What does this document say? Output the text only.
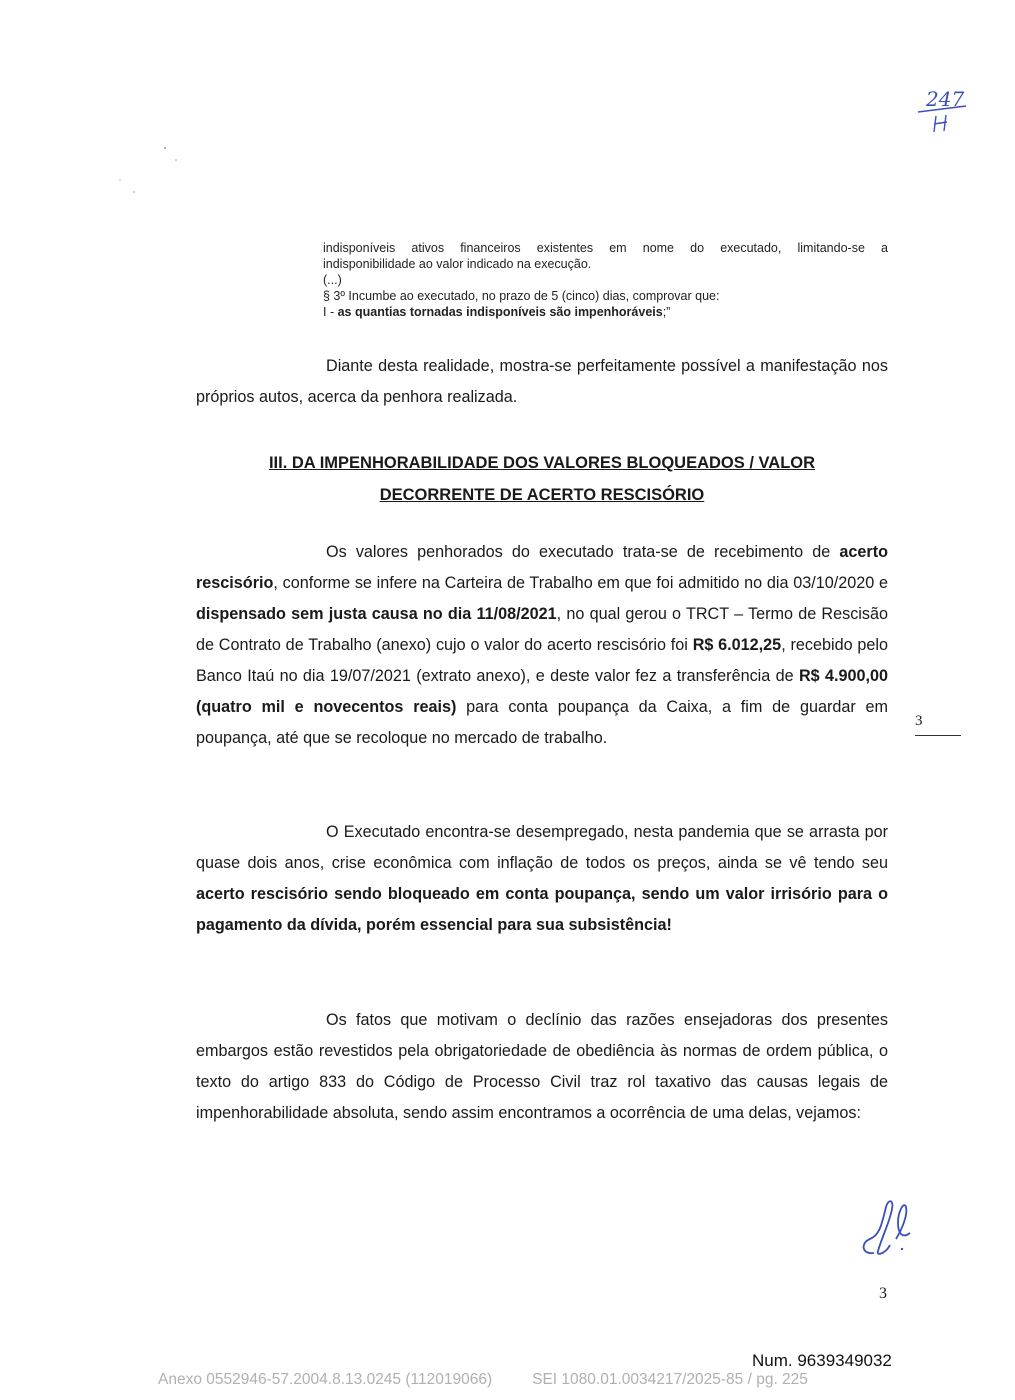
247

indisponíveis ativos financeiros existentes em nome do executado, limitando-se a

indisponibilidade ao valor indicado na execução.

(...)

§ 3º Incumbe ao executado, no prazo de 5 (cinco) dias, comprovar que:

I - as quantias tornadas indisponíveis são impenhoráveis;”

Diante desta realidade, mostra-se perfeitamente possível a manifestação nos próprios autos, acerca da penhora realizada.

III. DA IMPENHORABILIDADE DOS VALORES BLOQUEADOS / VALOR
DECORRENTE DE ACERTO RESCISÓRIO

Os valores penhorados do executado trata-se de recebimento de acerto rescisório, conforme se infere na Carteira de Trabalho em que foi admitido no dia 03/10/2020 e dispensado sem justa causa no dia 11/08/2021, no qual gerou o TRCT – Termo de Rescisão de Contrato de Trabalho (anexo) cujo o valor do acerto rescisório foi R$ 6.012,25, recebido pelo Banco Itaú no dia 19/07/2021 (extrato anexo), e deste valor fez a transferência de R$ 4.900,00 (quatro mil e novecentos reais) para conta poupança da Caixa, a fim de guardar em poupança, até que se recoloque no mercado de trabalho.

3

O Executado encontra-se desempregado, nesta pandemia que se arrasta por quase dois anos, crise econômica com inflação de todos os preços, ainda se vê tendo seu acerto rescisório sendo bloqueado em conta poupança, sendo um valor irrisório para o pagamento da dívida, porém essencial para sua subsistência!

Os fatos que motivam o declínio das razões ensejadoras dos presentes embargos estão revestidos pela obrigatoriedade de obediência às normas de ordem pública, o texto do artigo 833 do Código de Processo Civil traz rol taxativo das causas legais de impenhorabilidade absoluta, sendo assim encontramos a ocorrência de uma delas, vejamos:

3
Num. 9639349032
Anexo 0552946-57.2004.8.13.0245 (112019066)	SEI 1080.01.0034217/2025-85 / pg. 225
